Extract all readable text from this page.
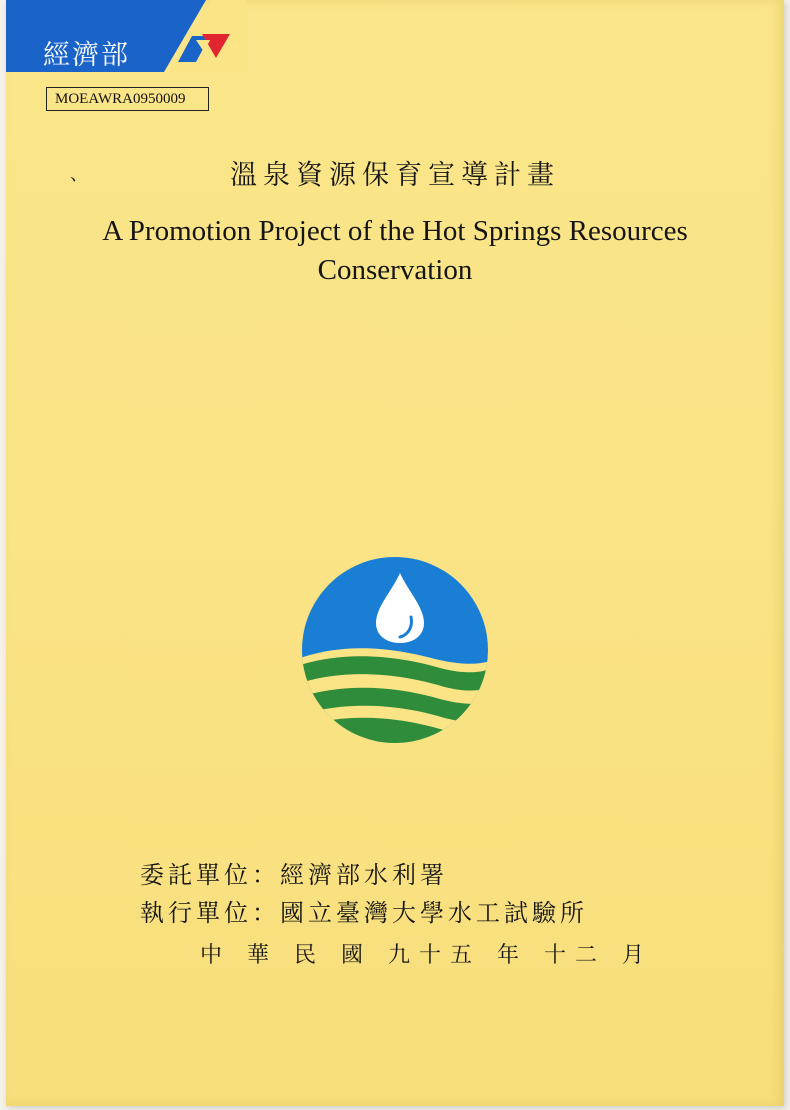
經濟部
MOEAWRA0950009
、	溫泉資源保育宣導計畫
A Promotion Project of the Hot Springs Resources
Conservation
委託單位：經濟部水利署
執行單位：國立臺灣大學水工試驗所
中 華 民 國 九十五 年 十二 月
